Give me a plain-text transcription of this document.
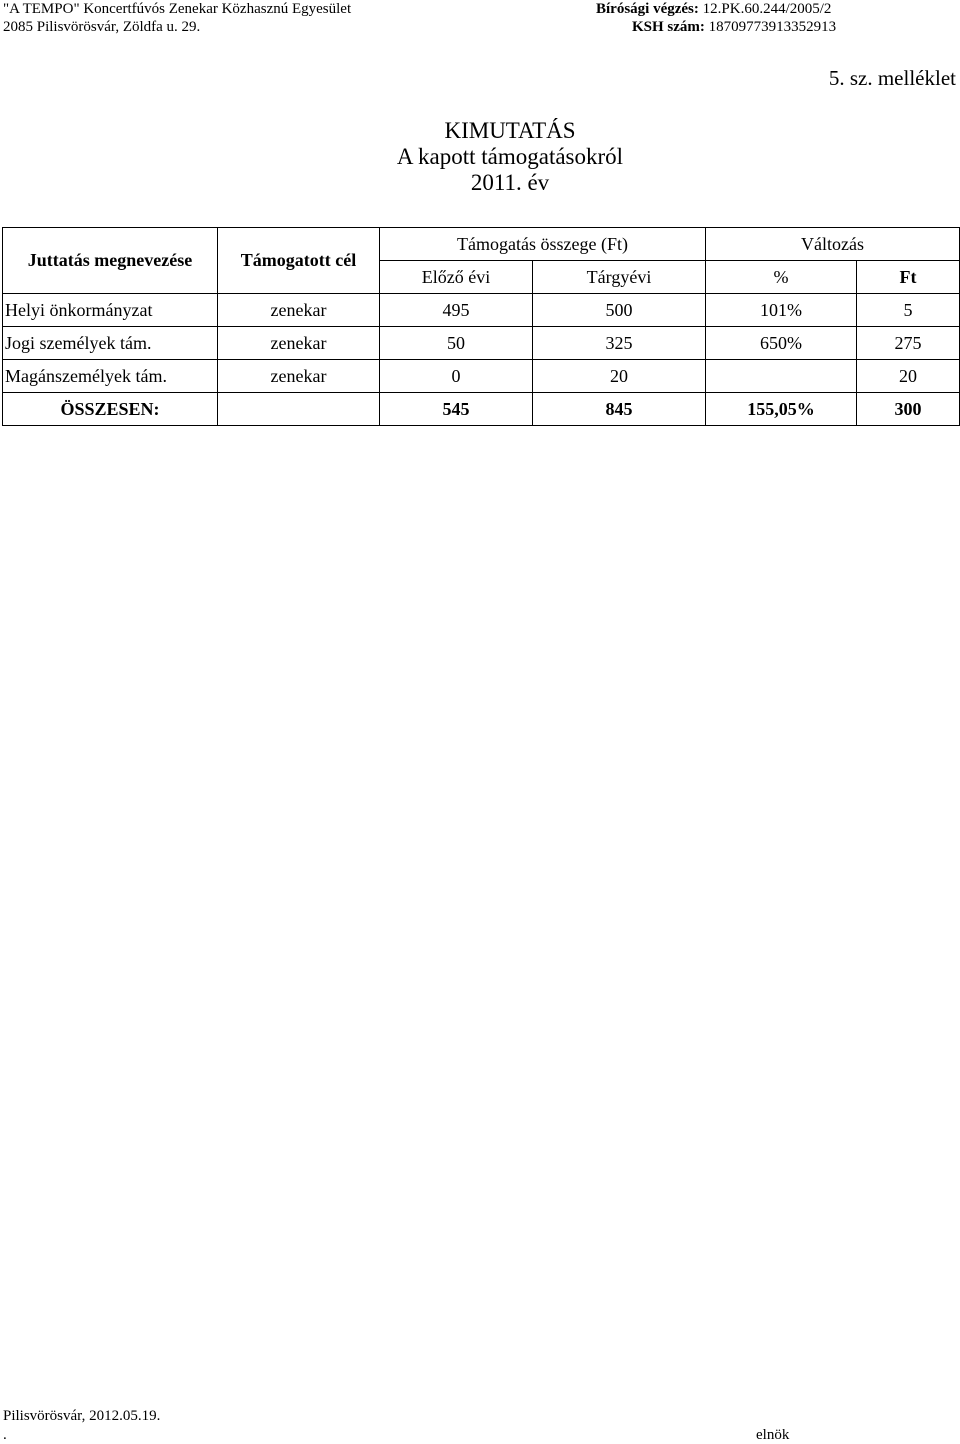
"A TEMPO" Koncertfúvós Zenekar Közhasznú Egyesület
2085 Pilisvörösvár, Zöldfa u. 29.
Bírósági végzés: 12.PK.60.244/2005/2
KSH szám: 18709773913352913
5. sz. melléklet
KIMUTATÁS
A kapott támogatásokról
2011. év
Juttatás megnevezése	Támogatott cél	Támogatás összege (Ft)		Változás	
		Előző évi	Tárgyévi	%	Ft
Helyi önkormányzat	zenekar	495	500	101%	5
Jogi személyek tám.	zenekar	50	325	650%	275
Magánszemélyek tám.	zenekar	0	20		20
ÖSSZESEN:		545	845	155,05%	300
Pilisvörösvár, 2012.05.19.
.	elnök
